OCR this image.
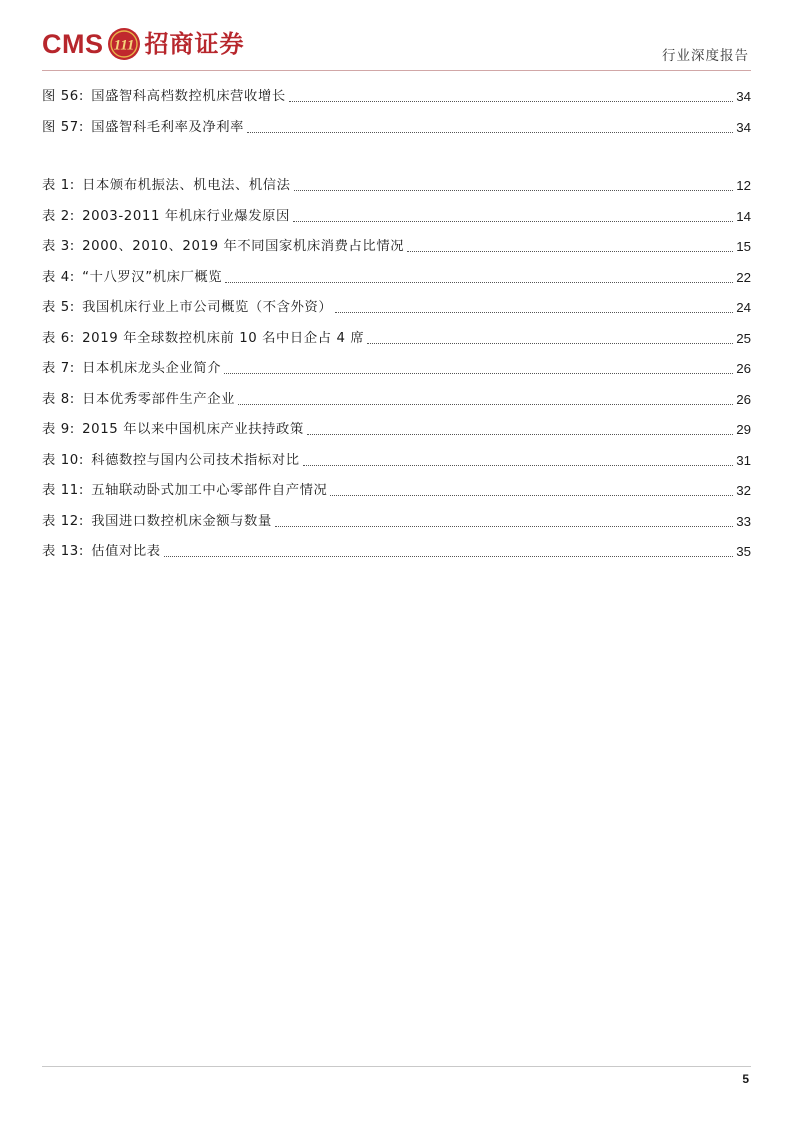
CMS 111 招商证券	行业深度报告
图 56:  国盛智科高档数控机床营收增长	34
图 57:  国盛智科毛利率及净利率	34
表 1:  日本颁布机振法、机电法、机信法	12
表 2:  2003-2011 年机床行业爆发原因	14
表 3:  2000、2010、2019 年不同国家机床消费占比情况	15
表 4:  “十八罗汉”机床厂概览	22
表 5:  我国机床行业上市公司概览（不含外资）	24
表 6:  2019 年全球数控机床前 10 名中日企占 4 席	25
表 7:  日本机床龙头企业简介	26
表 8:  日本优秀零部件生产企业	26
表 9:  2015 年以来中国机床产业扶持政策	29
表 10:  科德数控与国内公司技术指标对比	31
表 11:  五轴联动卧式加工中心零部件自产情况	32
表 12:  我国进口数控机床金额与数量	33
表 13:  估值对比表	35
5
